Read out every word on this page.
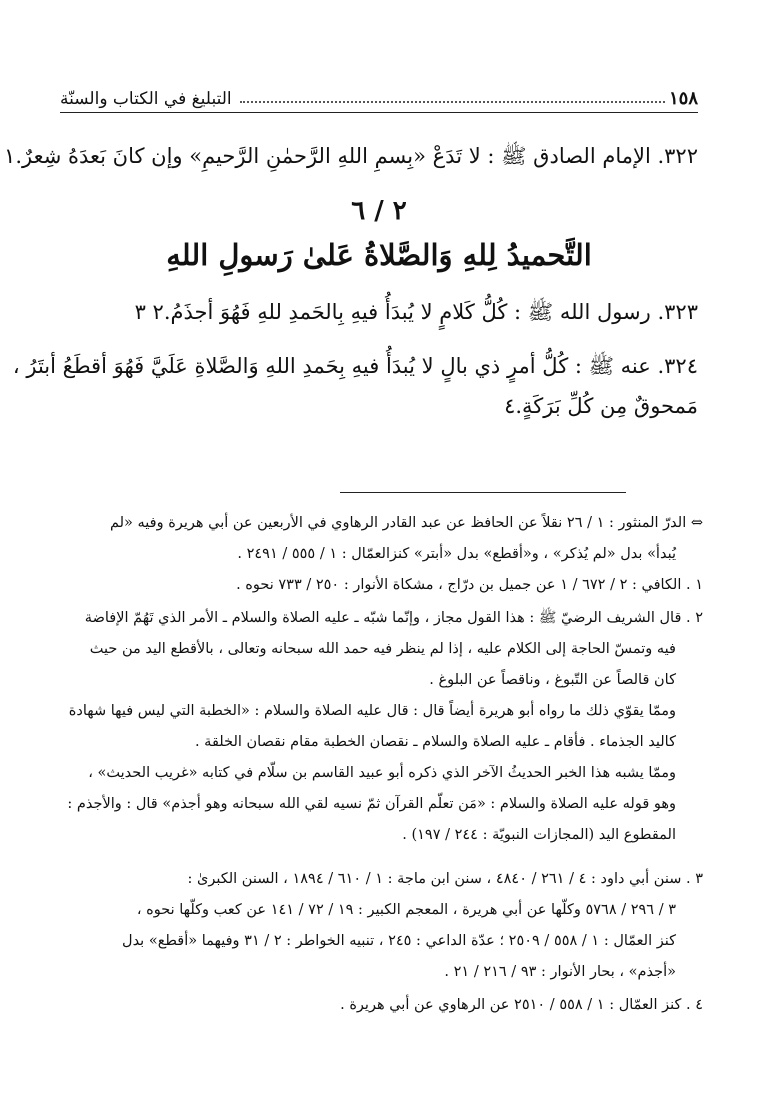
١٥٨
التبليغ في الكتاب والسنّة
٣٢٢. الإمام الصادق ﷺ : لا تَدَعْ «بِسمِ اللهِ الرَّحمٰنِ الرَّحيمِ» وإن كانَ بَعدَهُ شِعرٌ.١
٢ / ٦
التَّحميدُ لِلهِ وَالصَّلاةُ عَلىٰ رَسولِ اللهِ
٣٢٣. رسول الله ﷺ : كُلُّ كَلامٍ لا يُبدَأُ فيهِ بِالحَمدِ للهِ فَهُوَ أجذَمُ.٢ ٣
٣٢٤. عنه ﷺ : كُلُّ أمرٍ ذي بالٍ لا يُبدَأُ فيهِ بِحَمدِ اللهِ وَالصَّلاةِ عَلَيَّ فَهُوَ أقطَعُ أبتَرُ ،
مَمحوقٌ مِن كُلِّ بَرَكَةٍ.٤
⇔ الدرّ المنثور : ١ / ٢٦ نقلاً عن الحافظ عن عبد القادر الرهاوي في الأربعين عن أبي هريرة وفيه «لم
يُبدأ» بدل «لم يُذكر» ، و«أقطع» بدل «أبتر» كنزالعمّال : ١ / ٥٥٥ / ٢٤٩١ .
١ . الكافي : ٢ / ٦٧٢ / ١ عن جميل بن درّاج ، مشكاة الأنوار : ٢٥٠ / ٧٣٣ نحوه .
٢ . قال الشريف الرضيّ ﷺ : هذا القول مجاز ، وإنّما شبّه ـ عليه الصلاة والسلام ـ الأمر الذي تَهُمّ الإفاضة
فيه وتمسّ الحاجة إلى الكلام عليه ، إذا لم ينظر فيه حمد الله سبحانه وتعالى ، بالأقطع اليد من حيث
كان قالصاً عن التّبوغ ، وناقصاً عن البلوغ .
وممّا يقوّي ذلك ما رواه أبو هريرة أيضاً قال : قال عليه الصلاة والسلام : «الخطبة التي ليس فيها شهادة
كاليد الجذماء . فأقام ـ عليه الصلاة والسلام ـ نقصان الخطبة مقام نقصان الخلقة .
وممّا يشبه هذا الخبر الحديثُ الآخر الذي ذكره أبو عبيد القاسم بن سلّام في كتابه «غريب الحديث» ،
وهو قوله عليه الصلاة والسلام : «مَن تعلّم القرآن ثمّ نسيه لقي الله سبحانه وهو أجذم» قال : والأجذم :
المقطوع اليد (المجازات النبويّة : ٢٤٤ / ١٩٧) .
٣ . سنن أبي داود : ٤ / ٢٦١ / ٤٨٤٠ ، سنن ابن ماجة : ١ / ٦١٠ / ١٨٩٤ ، السنن الكبرىٰ :
٣ / ٢٩٦ / ٥٧٦٨ وكلّها عن أبي هريرة ، المعجم الكبير : ١٩ / ٧٢ / ١٤١ عن كعب وكلّها نحوه ،
كنز العمّال : ١ / ٥٥٨ / ٢٥٠٩ ؛ عدّة الداعي : ٢٤٥ ، تنبيه الخواطر : ٢ / ٣١ وفيهما «أقطع» بدل
«أجذم» ، بحار الأنوار : ٩٣ / ٢١٦ / ٢١ .
٤ . كنز العمّال : ١ / ٥٥٨ / ٢٥١٠ عن الرهاوي عن أبي هريرة .
